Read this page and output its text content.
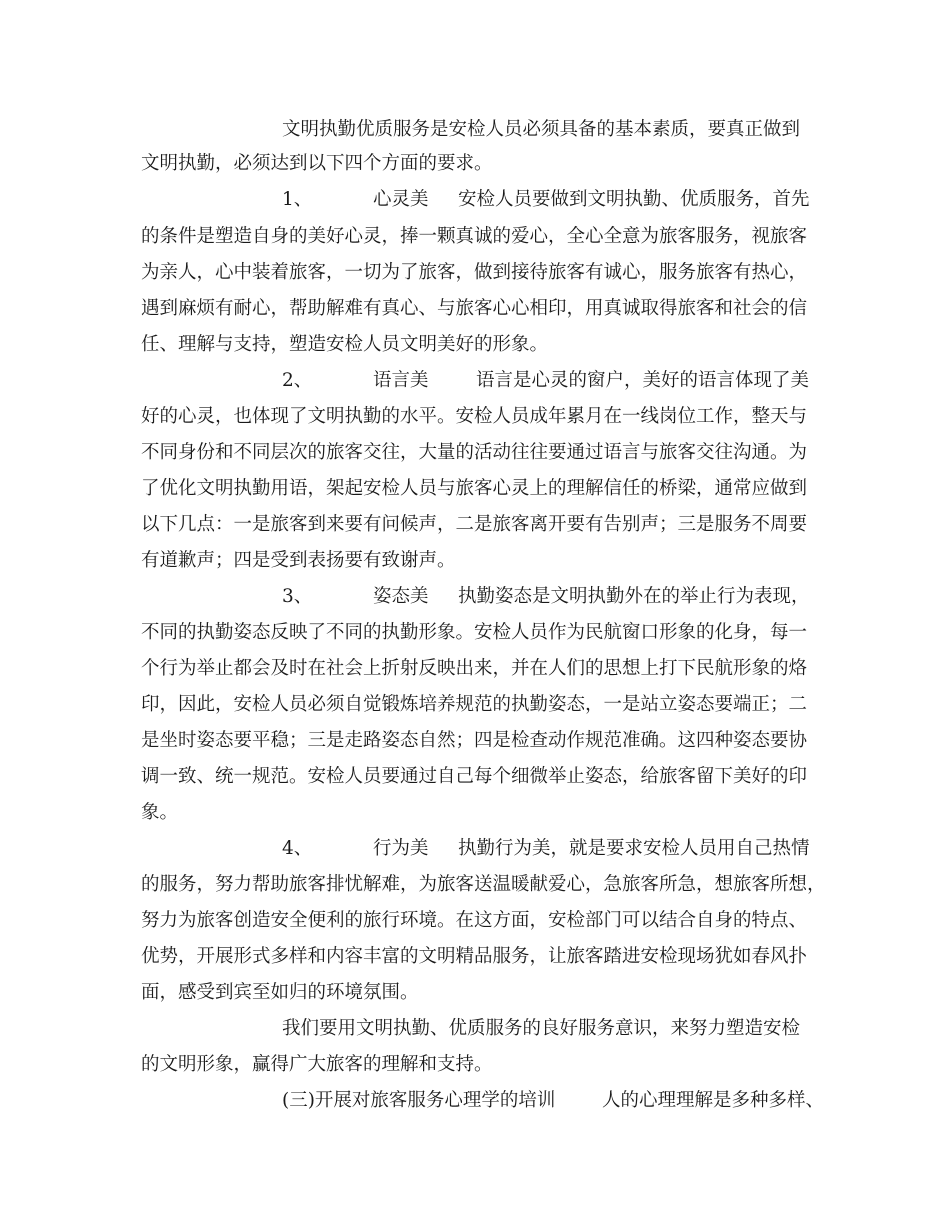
文明执勤优质服务是安检人员必须具备的基本素质，要真正做到
文明执勤，必须达到以下四个方面的要求。
1、	心灵美 安检人员要做到文明执勤、优质服务，首先
的条件是塑造自身的美好心灵，捧一颗真诚的爱心，全心全意为旅客服务，视旅客
为亲人，心中装着旅客，一切为了旅客，做到接待旅客有诚心，服务旅客有热心，
遇到麻烦有耐心，帮助解难有真心、与旅客心心相印，用真诚取得旅客和社会的信
任、理解与支持，塑造安检人员文明美好的形象。
2、	语言美	语言是心灵的窗户，美好的语言体现了美
好的心灵，也体现了文明执勤的水平。安检人员成年累月在一线岗位工作，整天与
不同身份和不同层次的旅客交往，大量的活动往往要通过语言与旅客交往沟通。为
了优化文明执勤用语，架起安检人员与旅客心灵上的理解信任的桥梁，通常应做到
以下几点：一是旅客到来要有问候声，二是旅客离开要有告别声；三是服务不周要
有道歉声；四是受到表扬要有致谢声。
3、	姿态美 执勤姿态是文明执勤外在的举止行为表现，
不同的执勤姿态反映了不同的执勤形象。安检人员作为民航窗口形象的化身，每一
个行为举止都会及时在社会上折射反映出来，并在人们的思想上打下民航形象的烙
印，因此，安检人员必须自觉锻炼培养规范的执勤姿态，一是站立姿态要端正；二
是坐时姿态要平稳；三是走路姿态自然；四是检查动作规范准确。这四种姿态要协
调一致、统一规范。安检人员要通过自己每个细微举止姿态，给旅客留下美好的印
象。
4、	行为美 执勤行为美，就是要求安检人员用自己热情
的服务，努力帮助旅客排忧解难，为旅客送温暖献爱心，急旅客所急，想旅客所想，
努力为旅客创造安全便利的旅行环境。在这方面，安检部门可以结合自身的特点、
优势，开展形式多样和内容丰富的文明精品服务，让旅客踏进安检现场犹如春风扑
面，感受到宾至如归的环境氛围。
我们要用文明执勤、优质服务的良好服务意识，来努力塑造安检
的文明形象，赢得广大旅客的理解和支持。
(三)开展对旅客服务心理学的培训	人的心理理解是多种多样、
